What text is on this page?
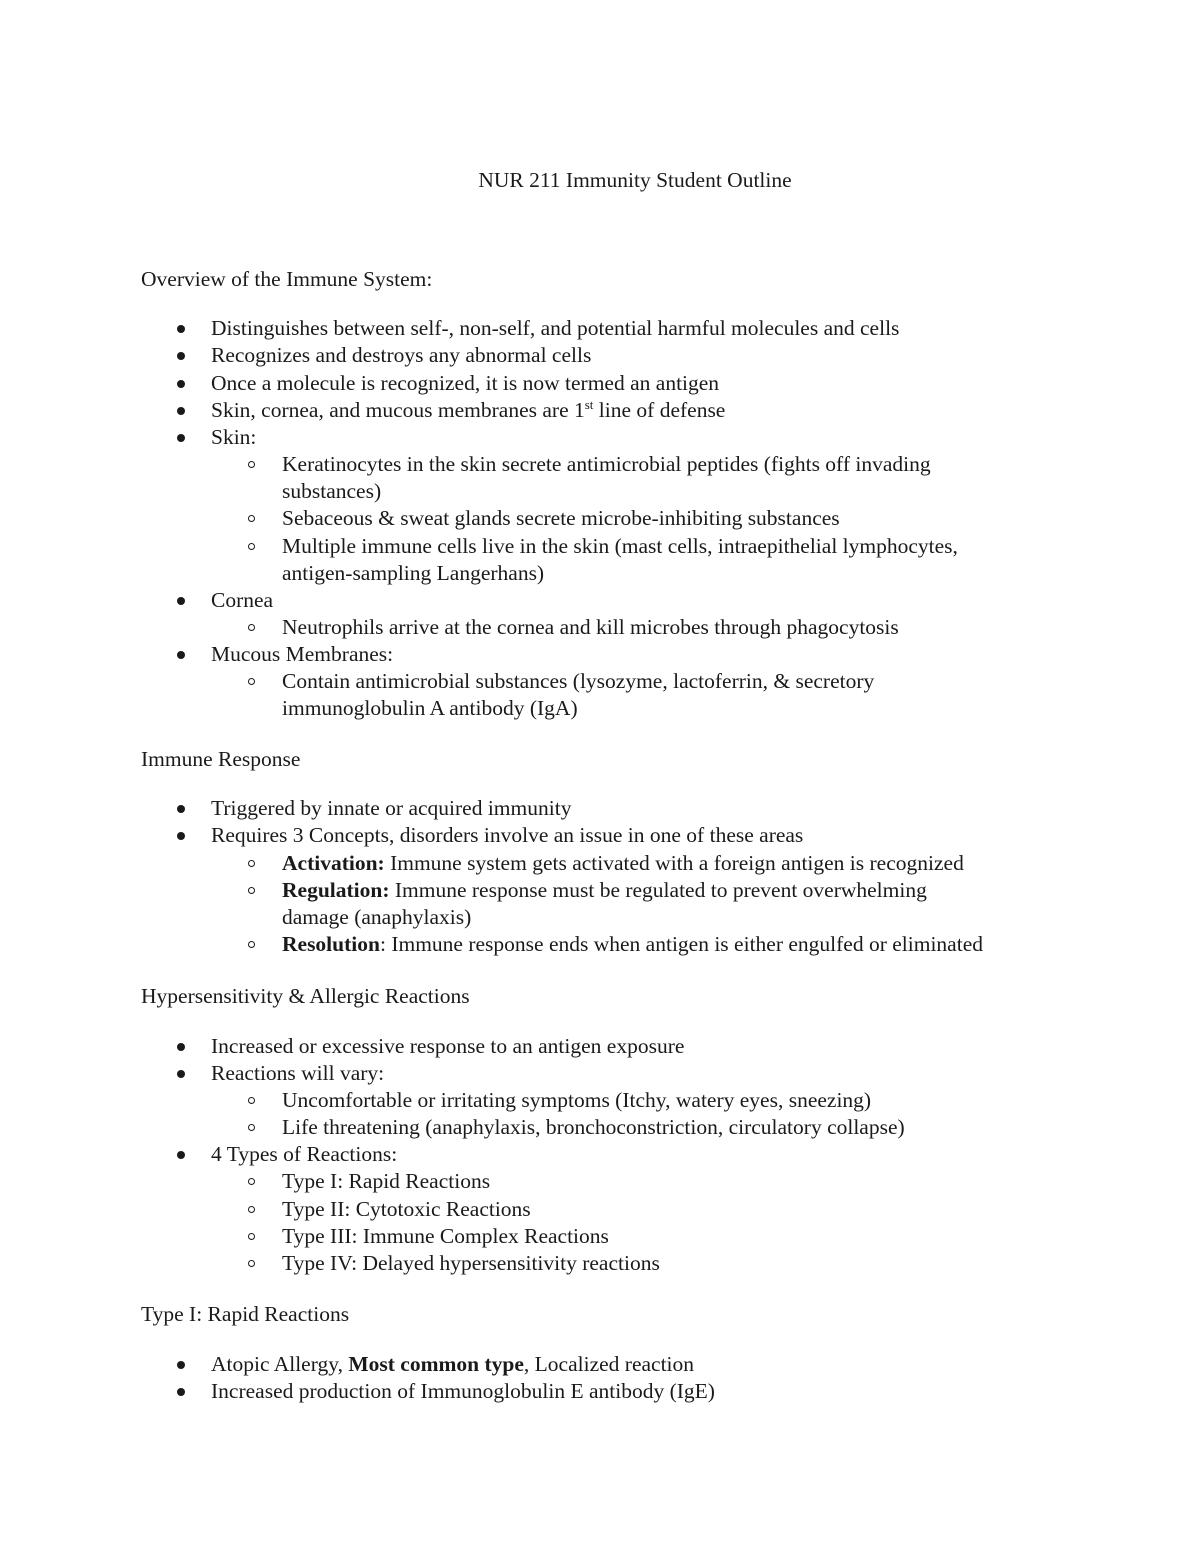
NUR 211 Immunity Student Outline
Overview of the Immune System:
Distinguishes between self-, non-self, and potential harmful molecules and cells
Recognizes and destroys any abnormal cells
Once a molecule is recognized, it is now termed an antigen
Skin, cornea, and mucous membranes are 1st line of defense
Skin:
Keratinocytes in the skin secrete antimicrobial peptides (fights off invading
substances)
Sebaceous & sweat glands secrete microbe-inhibiting substances
Multiple immune cells live in the skin (mast cells, intraepithelial lymphocytes,
antigen-sampling Langerhans)
Cornea
Neutrophils arrive at the cornea and kill microbes through phagocytosis
Mucous Membranes:
Contain antimicrobial substances (lysozyme, lactoferrin, & secretory
immunoglobulin A antibody (IgA)
Immune Response
Triggered by innate or acquired immunity
Requires 3 Concepts, disorders involve an issue in one of these areas
Activation: Immune system gets activated with a foreign antigen is recognized
Regulation: Immune response must be regulated to prevent overwhelming
damage (anaphylaxis)
Resolution: Immune response ends when antigen is either engulfed or eliminated
Hypersensitivity & Allergic Reactions
Increased or excessive response to an antigen exposure
Reactions will vary:
Uncomfortable or irritating symptoms (Itchy, watery eyes, sneezing)
Life threatening (anaphylaxis, bronchoconstriction, circulatory collapse)
4 Types of Reactions:
Type I: Rapid Reactions
Type II: Cytotoxic Reactions
Type III: Immune Complex Reactions
Type IV: Delayed hypersensitivity reactions
Type I: Rapid Reactions
Atopic Allergy, Most common type, Localized reaction
Increased production of Immunoglobulin E antibody (IgE)
